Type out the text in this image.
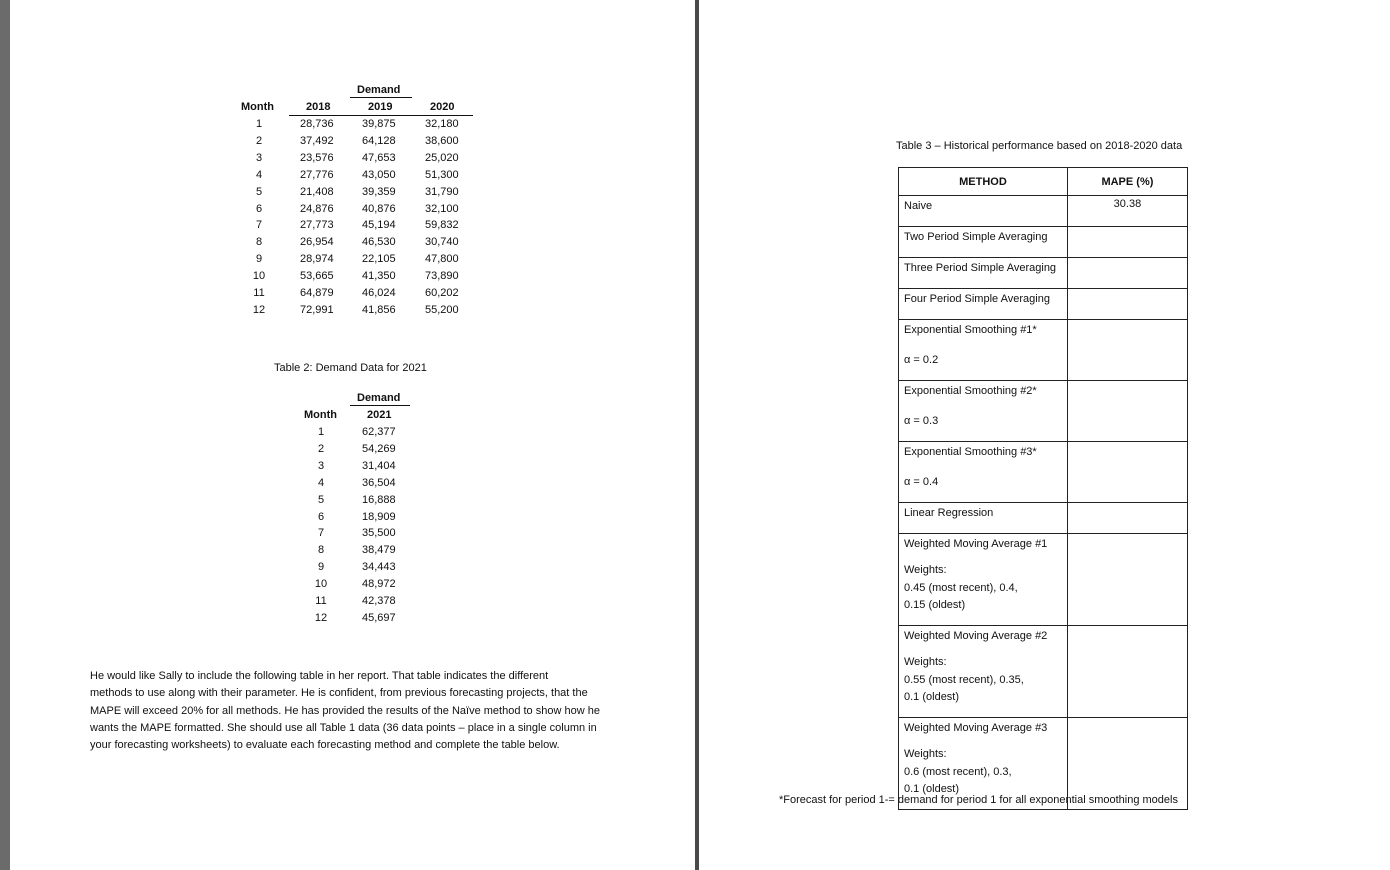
Demand
Month	2018	2019	2020
1	28,736	39,875	32,180
2	37,492	64,128	38,600
3	23,576	47,653	25,020
4	27,776	43,050	51,300
5	21,408	39,359	31,790
6	24,876	40,876	32,100
7	27,773	45,194	59,832
8	26,954	46,530	30,740
9	28,974	22,105	47,800
10	53,665	41,350	73,890
11	64,879	46,024	60,202
12	72,991	41,856	55,200
Table 2: Demand Data for 2021
Demand
Month	2021
1	62,377
2	54,269
3	31,404
4	36,504
5	16,888
6	18,909
7	35,500
8	38,479
9	34,443
10	48,972
11	42,378
12	45,697
He would like Sally to include the following table in her report. That table indicates the different
methods to use along with their parameter. He is confident, from previous forecasting projects, that the
MAPE will exceed 20% for all methods. He has provided the results of the Naïve method to show how he
wants the MAPE formatted. She should use all Table 1 data (36 data points – place in a single column in
your forecasting worksheets) to evaluate each forecasting method and complete the table below.
Table 3 – Historical performance based on 2018-2020 data
METHOD	MAPE (%)

Naive	30.38

Two Period Simple Averaging	

Three Period Simple Averaging	

Four Period Simple Averaging	

Exponential Smoothing #1*
α = 0.2	

Exponential Smoothing #2*
α = 0.3	

Exponential Smoothing #3*
α = 0.4	

Linear Regression	

Weighted Moving Average #1
Weights:
0.45 (most recent), 0.4,
0.15 (oldest)	

Weighted Moving Average #2
Weights:
0.55 (most recent), 0.35,
0.1 (oldest)	

Weighted Moving Average #3
Weights:
0.6 (most recent), 0.3,
0.1 (oldest)	

*Forecast for period 1-= demand for period 1 for all exponential smoothing models
